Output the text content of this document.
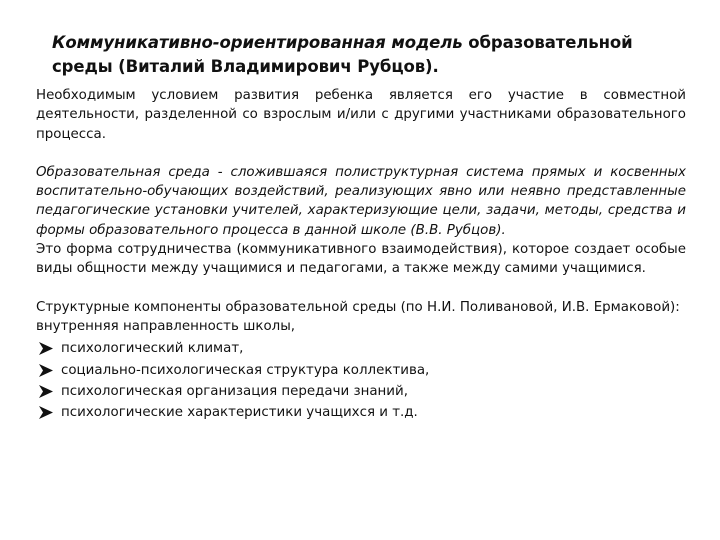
Коммуникативно-ориентированная модель образовательной среды (Виталий Владимирович Рубцов).

Необходимым условием развития ребенка является его участие в совместной деятельности, разделенной со взрослым и/или с другими участниками образовательного процесса.

Образовательная среда - сложившаяся полиструктурная система прямых и косвенных воспитательно-обучающих воздействий, реализующих явно или неявно представленные педагогические установки учителей, характеризующие цели, задачи, методы, средства и формы образовательного процесса в данной школе (В.В. Рубцов).

Это форма сотрудничества (коммуникативного взаимодействия), которое создает особые виды общности между учащимися и педагогами, а также между самими учащимися.

Структурные компоненты образовательной среды (по Н.И. Поливановой, И.В. Ермаковой):

внутренняя направленность школы,

психологический климат,
социально-психологическая структура коллектива,
психологическая организация передачи знаний,
психологические характеристики учащихся и т.д.
